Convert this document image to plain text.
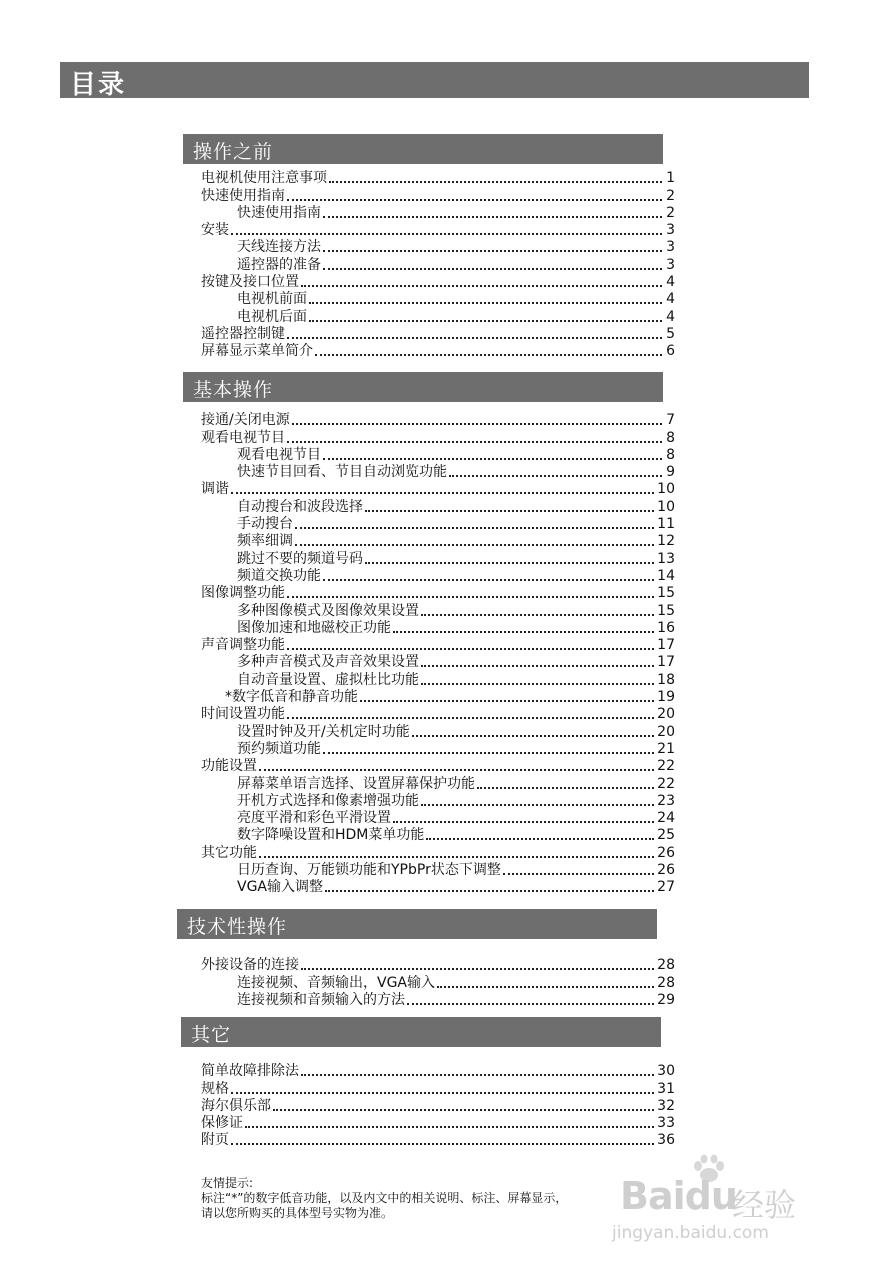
目录
操作之前
基本操作
技术性操作
其它
电视机使用注意事项	1
快速使用指南	2
快速使用指南	2
安装	3
天线连接方法	3
遥控器的准备	3
按键及接口位置	4
电视机前面	4
电视机后面	4
遥控器控制键	5
屏幕显示菜单简介	6
接通/关闭电源	7
观看电视节目	8
观看电视节目	8
快速节目回看、节目自动浏览功能	9
调谐	10
自动搜台和波段选择	10
手动搜台	11
频率细调	12
跳过不要的频道号码	13
频道交换功能	14
图像调整功能	15
多种图像模式及图像效果设置	15
图像加速和地磁校正功能	16
声音调整功能	17
多种声音模式及声音效果设置	17
自动音量设置、虚拟杜比功能	18
*数字低音和静音功能	19
时间设置功能	20
设置时钟及开/关机定时功能	20
预约频道功能	21
功能设置	22
屏幕菜单语言选择、设置屏幕保护功能	22
开机方式选择和像素增强功能	23
亮度平滑和彩色平滑设置	24
数字降噪设置和HDM菜单功能	25
其它功能	26
日历查询、万能锁功能和YPbPr状态下调整	26
VGA输入调整	27
外接设备的连接	28
连接视频、音频输出，VGA输入	28
连接视频和音频输入的方法	29
简单故障排除法	30
规格	31
海尔俱乐部	32
保修证	33
附页	36
友情提示:
标注“*”的数字低音功能，以及内文中的相关说明、标注、屏幕显示，
请以您所购买的具体型号实物为准。	Baidu
经验
jingyan.baidu.com
